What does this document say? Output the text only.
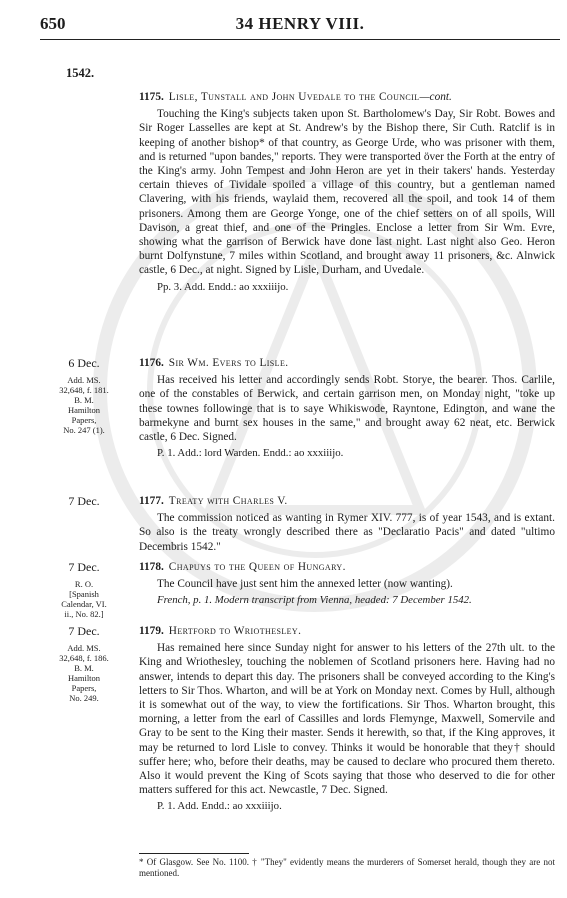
650	34 HENRY VIII.
1542.

1175. Lisle, Tunstall and John Uvedale to the Council—cont.

Touching the King's subjects taken upon St. Bartholomew's Day, Sir Robt. Bowes and Sir Roger Lasselles are kept at St. Andrew's by the Bishop there, Sir Cuth. Ratclif is in keeping of another bishop* of that country, as George Urde, who was prisoner with them, and is returned "upon bandes," reports. They were transported över the Forth at the entry of the King's army. John Tempest and John Heron are yet in their takers' hands. Yesterday certain thieves of Tividale spoiled a village of this country, but a gentleman named Clavering, with his friends, waylaid them, recovered all the spoil, and took 14 of them prisoners. Among them are George Yonge, one of the chief setters on of all spoils, Will Davison, a great thief, and one of the Pringles. Enclose a letter from Sir Wm. Evre, showing what the garrison of Berwick have done last night. Last night also Geo. Heron burnt Dolfynstune, 7 miles within Scotland, and brought away 11 prisoners, &c. Alnwick castle, 6 Dec., at night. Signed by Lisle, Durham, and Uvedale.

Pp. 3. Add. Endd.: ao xxxiiijo.

6 Dec.
Add. MS.
32,648, f. 181.
B. M.
Hamilton
Papers,
No. 247 (1).

1176. Sir Wm. Evers to Lisle.

Has received his letter and accordingly sends Robt. Storye, the bearer. Thos. Carlile, one of the constables of Berwick, and certain garrison men, on Monday night, "toke up these townes followinge that is to saye Whikiswode, Rayntone, Edington, and wane the barmekyne and burnt sex houses in the same," and brought away 62 neat, etc. Berwick castle, 6 Dec. Signed.

P. 1. Add.: lord Warden. Endd.: ao xxxiiijo.

7 Dec.	1177. Treaty with Charles V.

The commission noticed as wanting in Rymer XIV. 777, is of year 1543, and is extant. So also is the treaty wrongly described there as "Declaratio Pacis" and dated "ultimo Decembris 1542."

7 Dec.
R. O.
[Spanish
Calendar, VI.
ii., No. 82.]

1178. Chapuys to the Queen of Hungary.

The Council have just sent him the annexed letter (now wanting).

French, p. 1. Modern transcript from Vienna, headed: 7 December 1542.

7 Dec.
Add. MS.
32,648, f. 186.
B. M.
Hamilton
Papers,
No. 249.

1179. Hertford to Wriothesley.

Has remained here since Sunday night for answer to his letters of the 27th ult. to the King and Wriothesley, touching the noblemen of Scotland prisoners here. Having had no answer, intends to depart this day. The prisoners shall be conveyed according to the King's letters to Sir Thos. Wharton, and will be at York on Monday next. Comes by Hull, although it is somewhat out of the way, to view the fortifications. Sir Thos. Wharton brought, this morning, a letter from the earl of Cassilles and lords Flemynge, Maxwell, Somervile and Gray to be sent to the King their master. Sends it herewith, so that, if the King approves, it may be returned to lord Lisle to convey. Thinks it would be honorable that they† should suffer here; who, before their deaths, may be caused to declare who procured them thereto. Also it would prevent the King of Scots saying that those who deserved to die for other matters suffered for this act. Newcastle, 7 Dec. Signed.

P. 1. Add. Endd.: ao xxxiiijo.

* Of Glasgow. See No. 1100. † "They" evidently means the murderers of Somerset herald, though they are not mentioned.
